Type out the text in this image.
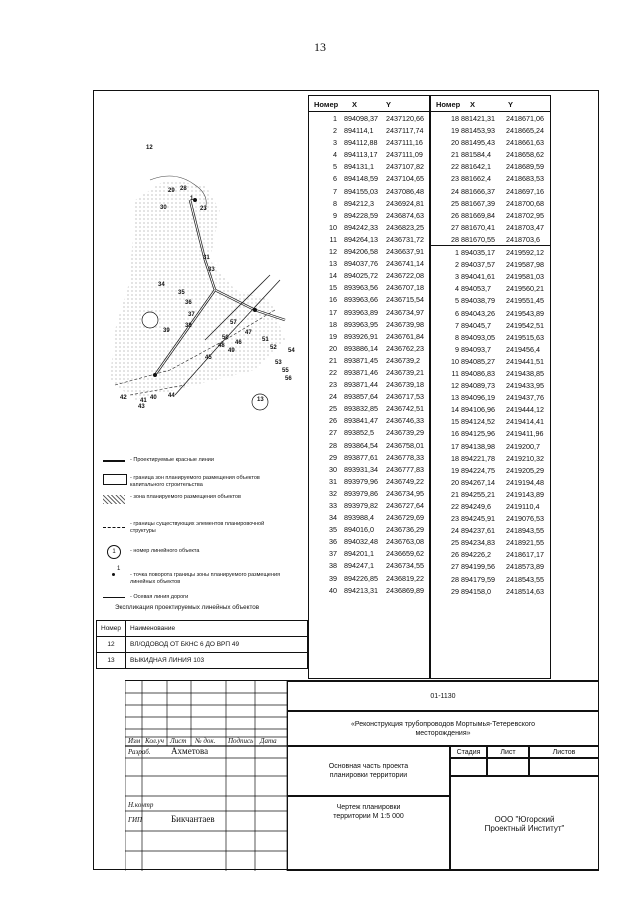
13
12
13
29 28
1
23
30
31
33
34
35
36
37
38
39
40
41
42
43
44
45
46
47
48
49
50	51
52
53
54
55
56
57
- Проектируемые красные линии
- граница зон планируемого размещения объектов капитального строительства
- зона планируемого размещения объектов
- границы существующих элементов планировочной структуры
1	- номер линейного объекта
1
- точка поворота границы зоны планируемого размещения линейных объектов
- Осевая линия дороги
Экспликация проектируемых линейных объектов
Номер	Наименование
12	ВЛ/ОДОВОД ОТ БКНС 6 ДО ВРП 49
13	ВЫКИДНАЯ ЛИНИЯ 103
Номер X	Y
1 894098,37 2437120,66
2 894114,1 2437117,74
3 894112,88 2437111,16
4 894113,17 2437111,09
5 894131,1 2437107,82
6 894148,59 2437104,65
7 894155,03 2437086,48
8 894212,3 2436924,81
9 894228,59 2436874,63
10 894242,33 2436823,25
11 894264,13 2436731,72
12 894206,58 2436637,91
13 894037,76 2436741,14
14 894025,72 2436722,08
15 893963,56 2436707,18
16 893963,66 2436715,54
17 893963,89 2436734,97
18 893963,95 2436739,98
19 893926,91 2436761,84
20 893886,14 2436762,23
21 893871,45 2436739,2
22 893871,46 2436739,21
23 893871,44 2436739,18
24 893857,64 2436717,53
25 893832,85 2436742,51
26 893841,47 2436746,33
27 893852,5 2436739,29
28 893864,54 2436758,01
29 893877,61 2436778,33
30 893931,34 2436777,83
31 893979,96 2436749,22
32 893979,86 2436734,95
33 893979,82 2436727,64
34 893988,4 2436729,69
35 894016,0 2436736,29
36 894032,48 2436763,08
37 894201,1 2436659,62
38 894247,1 2436734,55
39 894226,85 2436819,22
40 894213,31 2436869,89
Номер X	Y
18 881421,31 2418671,06
19 881453,93 2418665,24
20 881495,43 2418661,63
21 881584,4 2418658,62
22 881642,1 2418689,59
23 881662,4 2418683,53
24 881666,37 2418697,16
25 881667,39 2418700,68
26 881669,84 2418702,95
27 881670,41 2418703,47
28 881670,55 2418703,6
1 894035,17 2419592,12
2 894037,57 2419587,98
3 894041,61 2419581,03
4 894053,7 2419560,21
5 894038,79 2419551,45
6 894043,26 2419543,89
7 894045,7 2419542,51
8 894093,05 2419515,63
9 894093,7 2419456,4
10 894085,27 2419441,51
11 894086,83 2419438,85
12 894089,73 2419433,95
13 894096,19 2419437,76
14 894106,96 2419444,12
15 894124,52 2419414,41
16 894125,96 2419411,96
17 894138,98 2419200,7
18 894221,78 2419210,32
19 894224,75 2419205,29
20 894267,14 2419194,48
21 894255,21 2419143,89
22 894249,6 2419110,4
23 894245,91 2419076,53
24 894237,61 2418943,55
25 894234,83 2418921,55
26 894226,2 2418617,17
27 894199,56 2418573,89
28 894179,59 2418543,55
29 894158,0 2418514,63
Изм Кол.уч Лист № док. Подпись Дата
Разраб. Ахметова
Н.контр
ГИП	Бикчантаев
01-1130
«Реконструкция трубопроводов Мортымья-Тетеревского месторождения»
Основная часть проекта планировки территории
Стадия	Лист	Листов
Чертеж планировки территории М 1:5 000	ООО "Югорский Проектный Институт"
